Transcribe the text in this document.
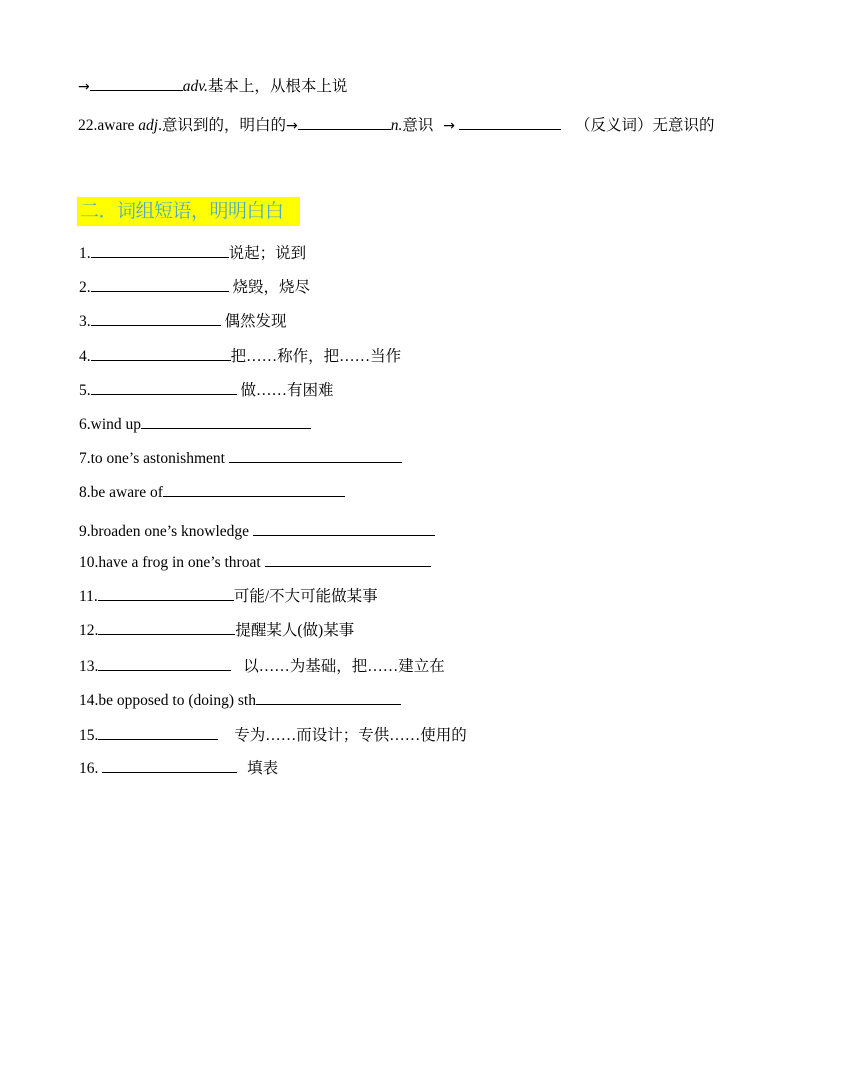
→	adv.基本上，从根本上说
22.aware adj.意识到的，明白的→	n.意识 →	（反义词）无意识的
二．词组短语，明明白白
1.	说起；说到
2.	烧毁，烧尽
3.	偶然发现
4.	把……称作，把……当作
5.	做……有困难
6.wind up
7.to one’s astonishment
8.be aware of
9.broaden one’s knowledge
10.have a frog in one’s throat
11.	可能/不大可能做某事
12.	提醒某人(做)某事
13.	以……为基础，把……建立在
14.be opposed to (doing) sth
15.	专为……而设计；专供……使用的
16.	填表
